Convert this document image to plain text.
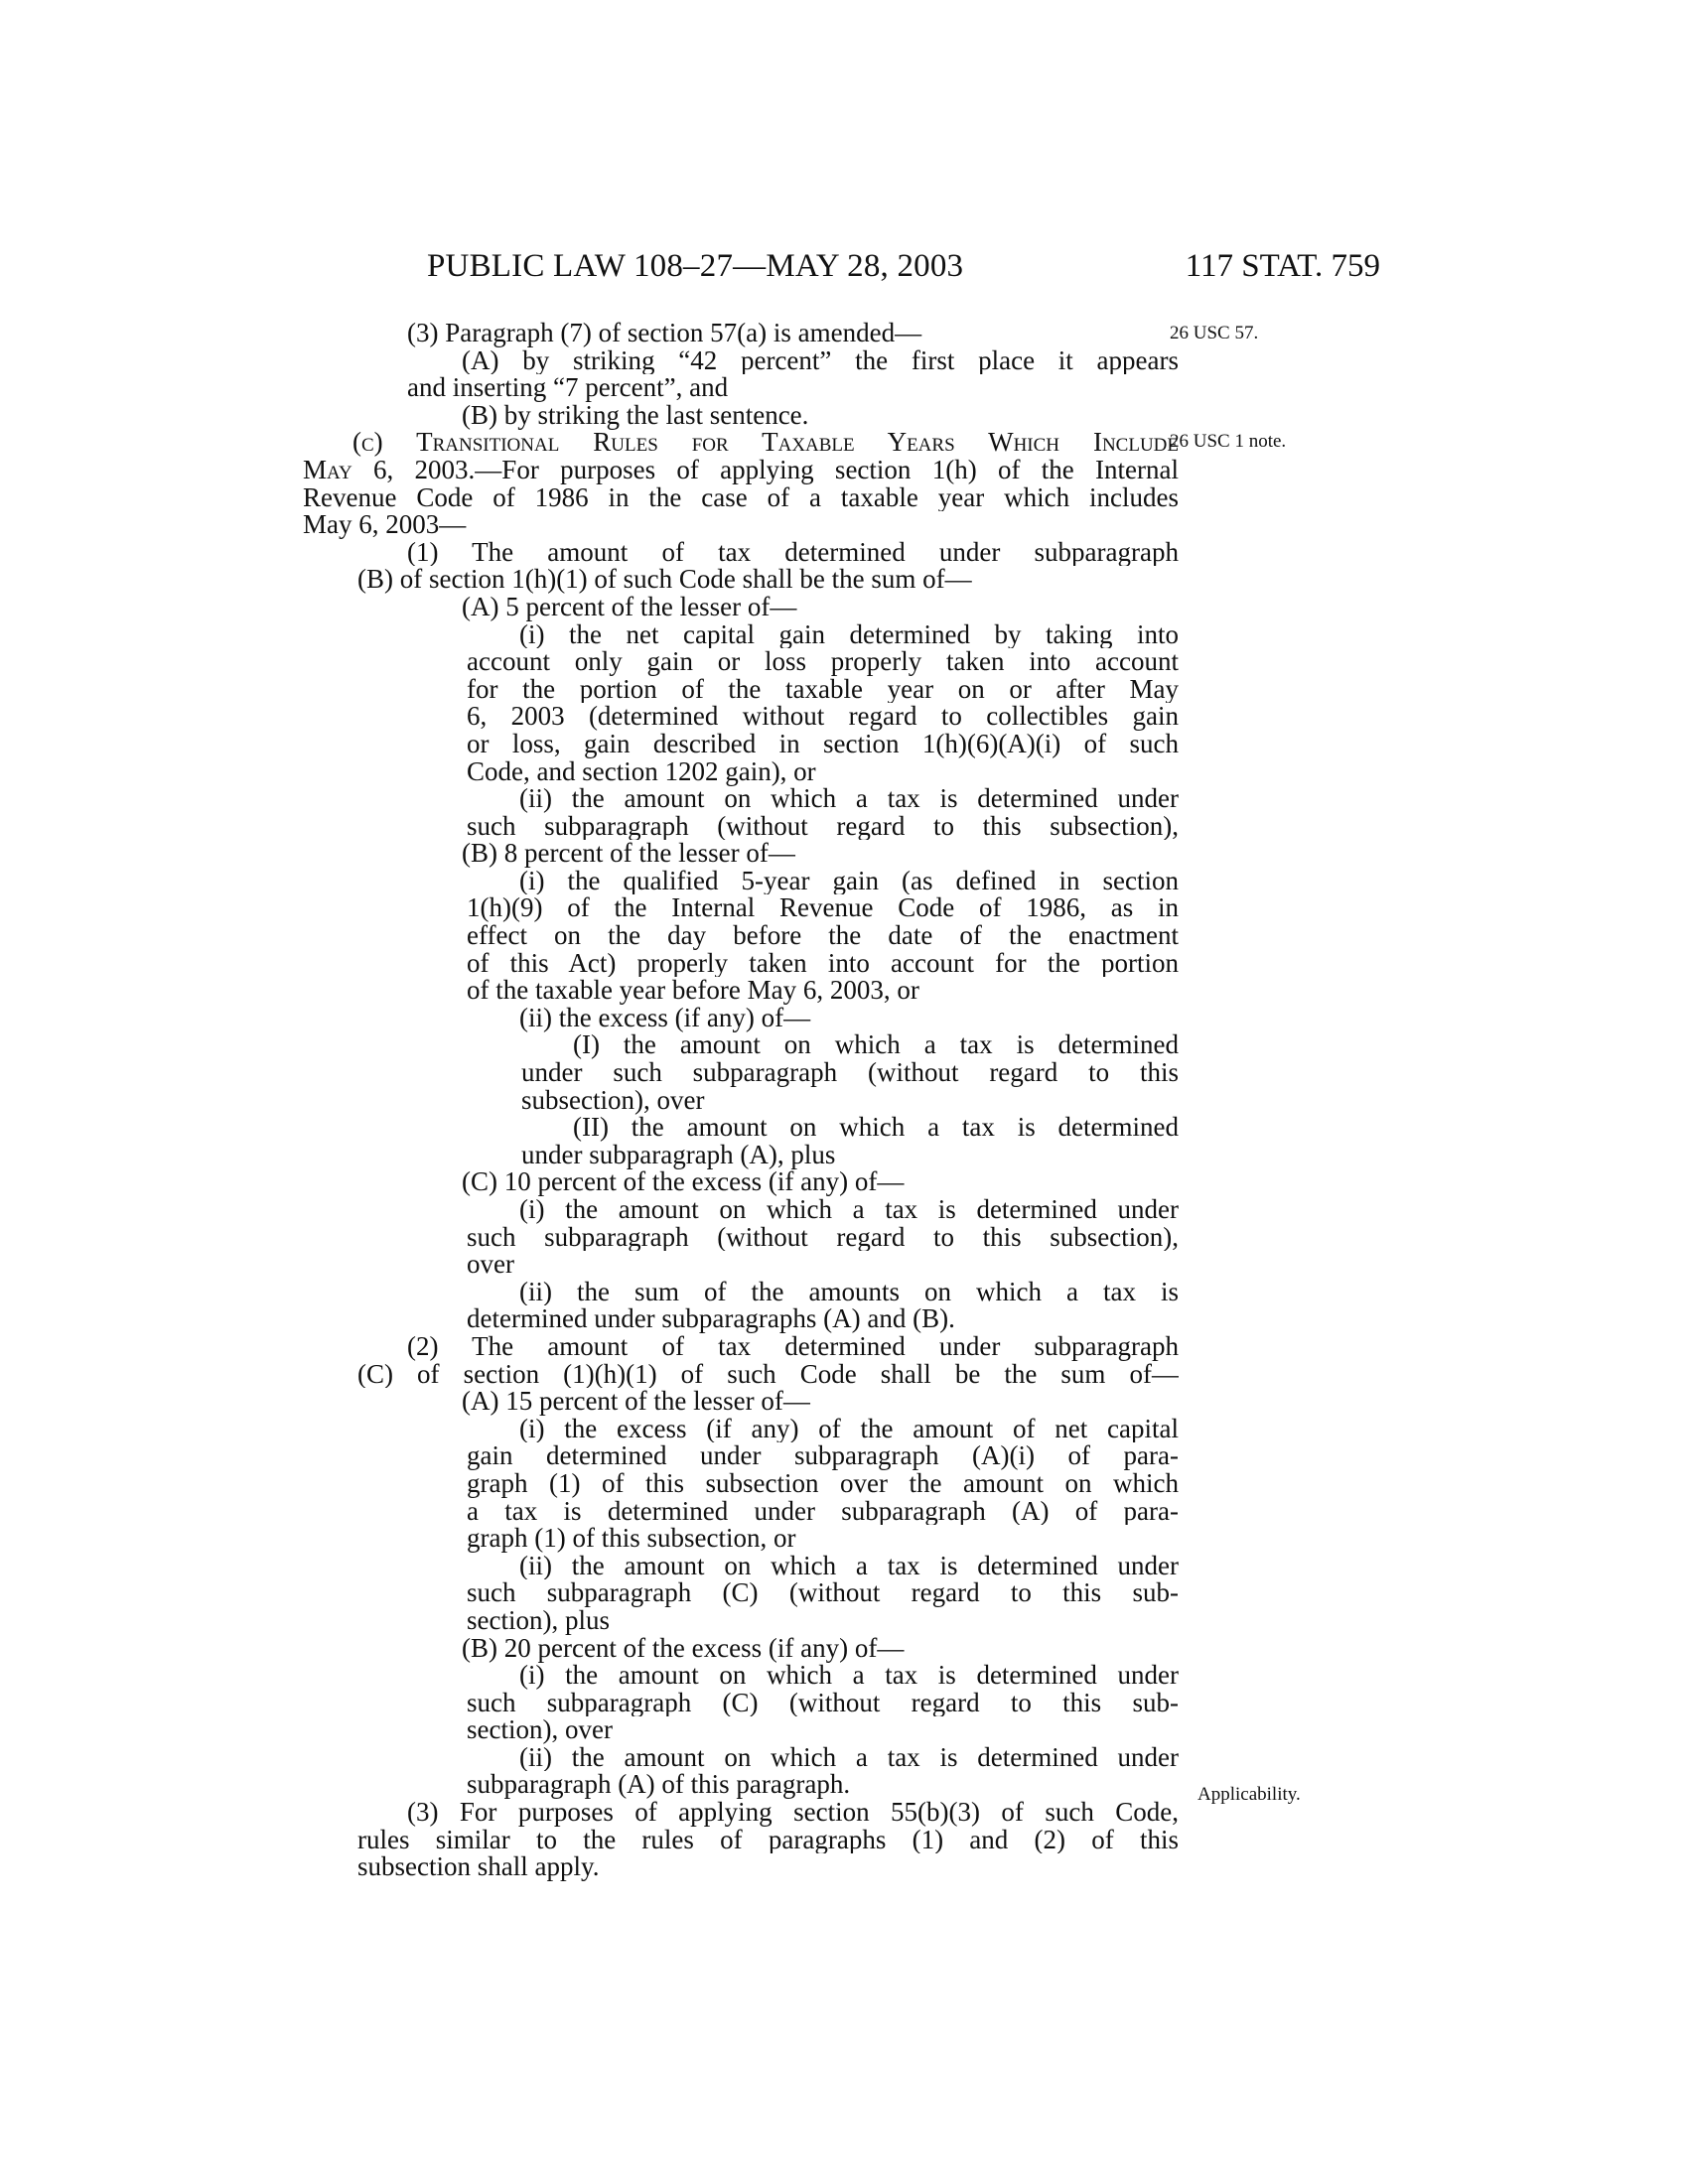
PUBLIC LAW 108–27—MAY 28, 2003	117 STAT. 759
26 USC 57.
26 USC 1 note.
Applicability.
(3) Paragraph (7) of section 57(a) is amended—
(A) by striking “42 percent” the first place it appears
and inserting “7 percent”, and
(B) by striking the last sentence.
(c) Transitional Rules for Taxable Years Which Include
May 6, 2003.—For purposes of applying section 1(h) of the Internal
Revenue Code of 1986 in the case of a taxable year which includes
May 6, 2003—
(1) The amount of tax determined under subparagraph
(B) of section 1(h)(1) of such Code shall be the sum of—
(A) 5 percent of the lesser of—
(i) the net capital gain determined by taking into
account only gain or loss properly taken into account
for the portion of the taxable year on or after May
6, 2003 (determined without regard to collectibles gain
or loss, gain described in section 1(h)(6)(A)(i) of such
Code, and section 1202 gain), or
(ii) the amount on which a tax is determined under
such subparagraph (without regard to this subsection),
(B) 8 percent of the lesser of—
(i) the qualified 5-year gain (as defined in section
1(h)(9) of the Internal Revenue Code of 1986, as in
effect on the day before the date of the enactment
of this Act) properly taken into account for the portion
of the taxable year before May 6, 2003, or
(ii) the excess (if any) of—
(I) the amount on which a tax is determined
under such subparagraph (without regard to this
subsection), over
(II) the amount on which a tax is determined
under subparagraph (A), plus
(C) 10 percent of the excess (if any) of—
(i) the amount on which a tax is determined under
such subparagraph (without regard to this subsection),
over
(ii) the sum of the amounts on which a tax is
determined under subparagraphs (A) and (B).
(2) The amount of tax determined under subparagraph
(C) of section (1)(h)(1) of such Code shall be the sum of—
(A) 15 percent of the lesser of—
(i) the excess (if any) of the amount of net capital
gain determined under subparagraph (A)(i) of para-
graph (1) of this subsection over the amount on which
a tax is determined under subparagraph (A) of para-
graph (1) of this subsection, or
(ii) the amount on which a tax is determined under
such subparagraph (C) (without regard to this sub-
section), plus
(B) 20 percent of the excess (if any) of—
(i) the amount on which a tax is determined under
such subparagraph (C) (without regard to this sub-
section), over
(ii) the amount on which a tax is determined under
subparagraph (A) of this paragraph.
(3) For purposes of applying section 55(b)(3) of such Code,
rules similar to the rules of paragraphs (1) and (2) of this
subsection shall apply.
